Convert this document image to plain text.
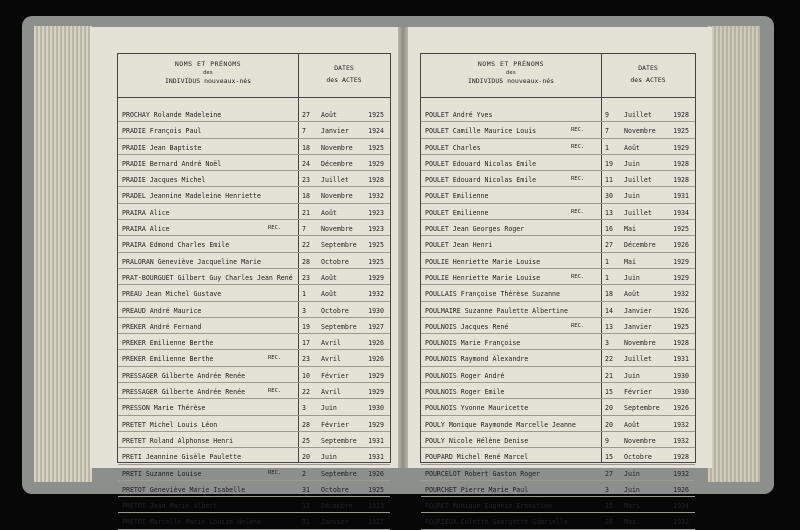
NOMS ET PRÉNOMS
des
INDIVIDUS nouveaux-nés
DATES
des ACTES
PROCHAY Rolande Madeleine	27 Août	1925
PRADIE François Paul	7 Janvier	1924
PRADIE Jean Baptiste	18 Novembre 1925
PRADIE Bernard André Noël	24 Décembre 1929
PRADIE Jacques Michel	23 Juillet	1928
PRADEL Jeannine Madeleine Henriette	18 Novembre 1932
PRAIRA Alice	21 Août	1923
PRAIRA Alice	REC.	7 Novembre 1923
PRAIRA Edmond Charles Emile	22 Septembre 1925
PRALORAN Geneviève Jacqueline Marie	28 Octobre	1925
PRAT-BOURGUET Gilbert Guy Charles Jean René 23 Août	1929
PREAU Jean Michel Gustave	1 Août	1932
PREAUD André Maurice	3 Octobre	1930
PREKER André Fernand	19 Septembre 1927
PREKER Emilienne Berthe	17 Avril	1926
PREKER Emilienne Berthe	REC.	23 Avril	1926
PRESSAGER Gilberte Andrée Renée	10 Février	1929
PRESSAGER Gilberte Andrée Renée	REC.	22 Avril	1929
PRESSON Marie Thérèse	3 Juin	1930
PRETET Michel Louis Léon	28 Février	1929
PRETET Roland Alphonse Henri	25 Septembre 1931
PRETI Jeannine Gisèle Paulette	20 Juin	1931
PRETI Suzanne Louise	REC.	2 Septembre 1926
PRETOT Geneviève Marie Isabelle	31 Octobre	1925
PRETOT Jean Marie Albert	13 Décembre 1923
PRETOT Marcelle Marie Louise Hélène	31 Janvier	1927
NOMS ET PRÉNOMS
des
INDIVIDUS nouveaux-nés
DATES
des ACTES
POULET André Yves	9 Juillet	1928
POULET Camille Maurice Louis	REC.	7 Novembre	1925
POULET Charles	REC.	1 Août	1929
POULET Edouard Nicolas Emile	19 Juin	1928
POULET Edouard Nicolas Emile	REC.	11 Juillet	1928
POULET Emilienne	30 Juin	1931
POULET Emilienne	REC.	13 Juillet	1934
POULET Jean Georges Roger	16 Mai	1925
POULET Jean Henri	27 Décembre	1926
POULIE Henriette Marie Louise	1 Mai	1929
POULIE Henriette Marie Louise	REC.	1 Juin	1929
POULLAIS Françoise Thérèse Suzanne	18 Août	1932
POULMAIRE Suzanne Paulette Albertine	14 Janvier	1926
POULNOIS Jacques René	REC.	13 Janvier	1925
POULNOIS Marie Françoise	3 Novembre	1928
POULNOIS Raymond Alexandre	22 Juillet	1931
POULNOIS Roger André	21 Juin	1930
POULNOIS Roger Emile	15 Février	1930
POULNOIS Yvonne Mauricette	20 Septembre 1926
POULY Monique Raymonde Marcelle Jeanne	20 Août	1932
POULY Nicole Hélène Denise	9 Novembre	1932
POUPARD Michel René Marcel	15 Octobre	1928
POURCELOT Robert Gaston Roger	27 Juin	1932
POURCHET Pierre Marie Paul	3 Juin	1926
POURET Monique Eugénie Ernestine	15 Mars	1934
POURIEUX Colette Georgette Gabrielle	28 Mai	1932
